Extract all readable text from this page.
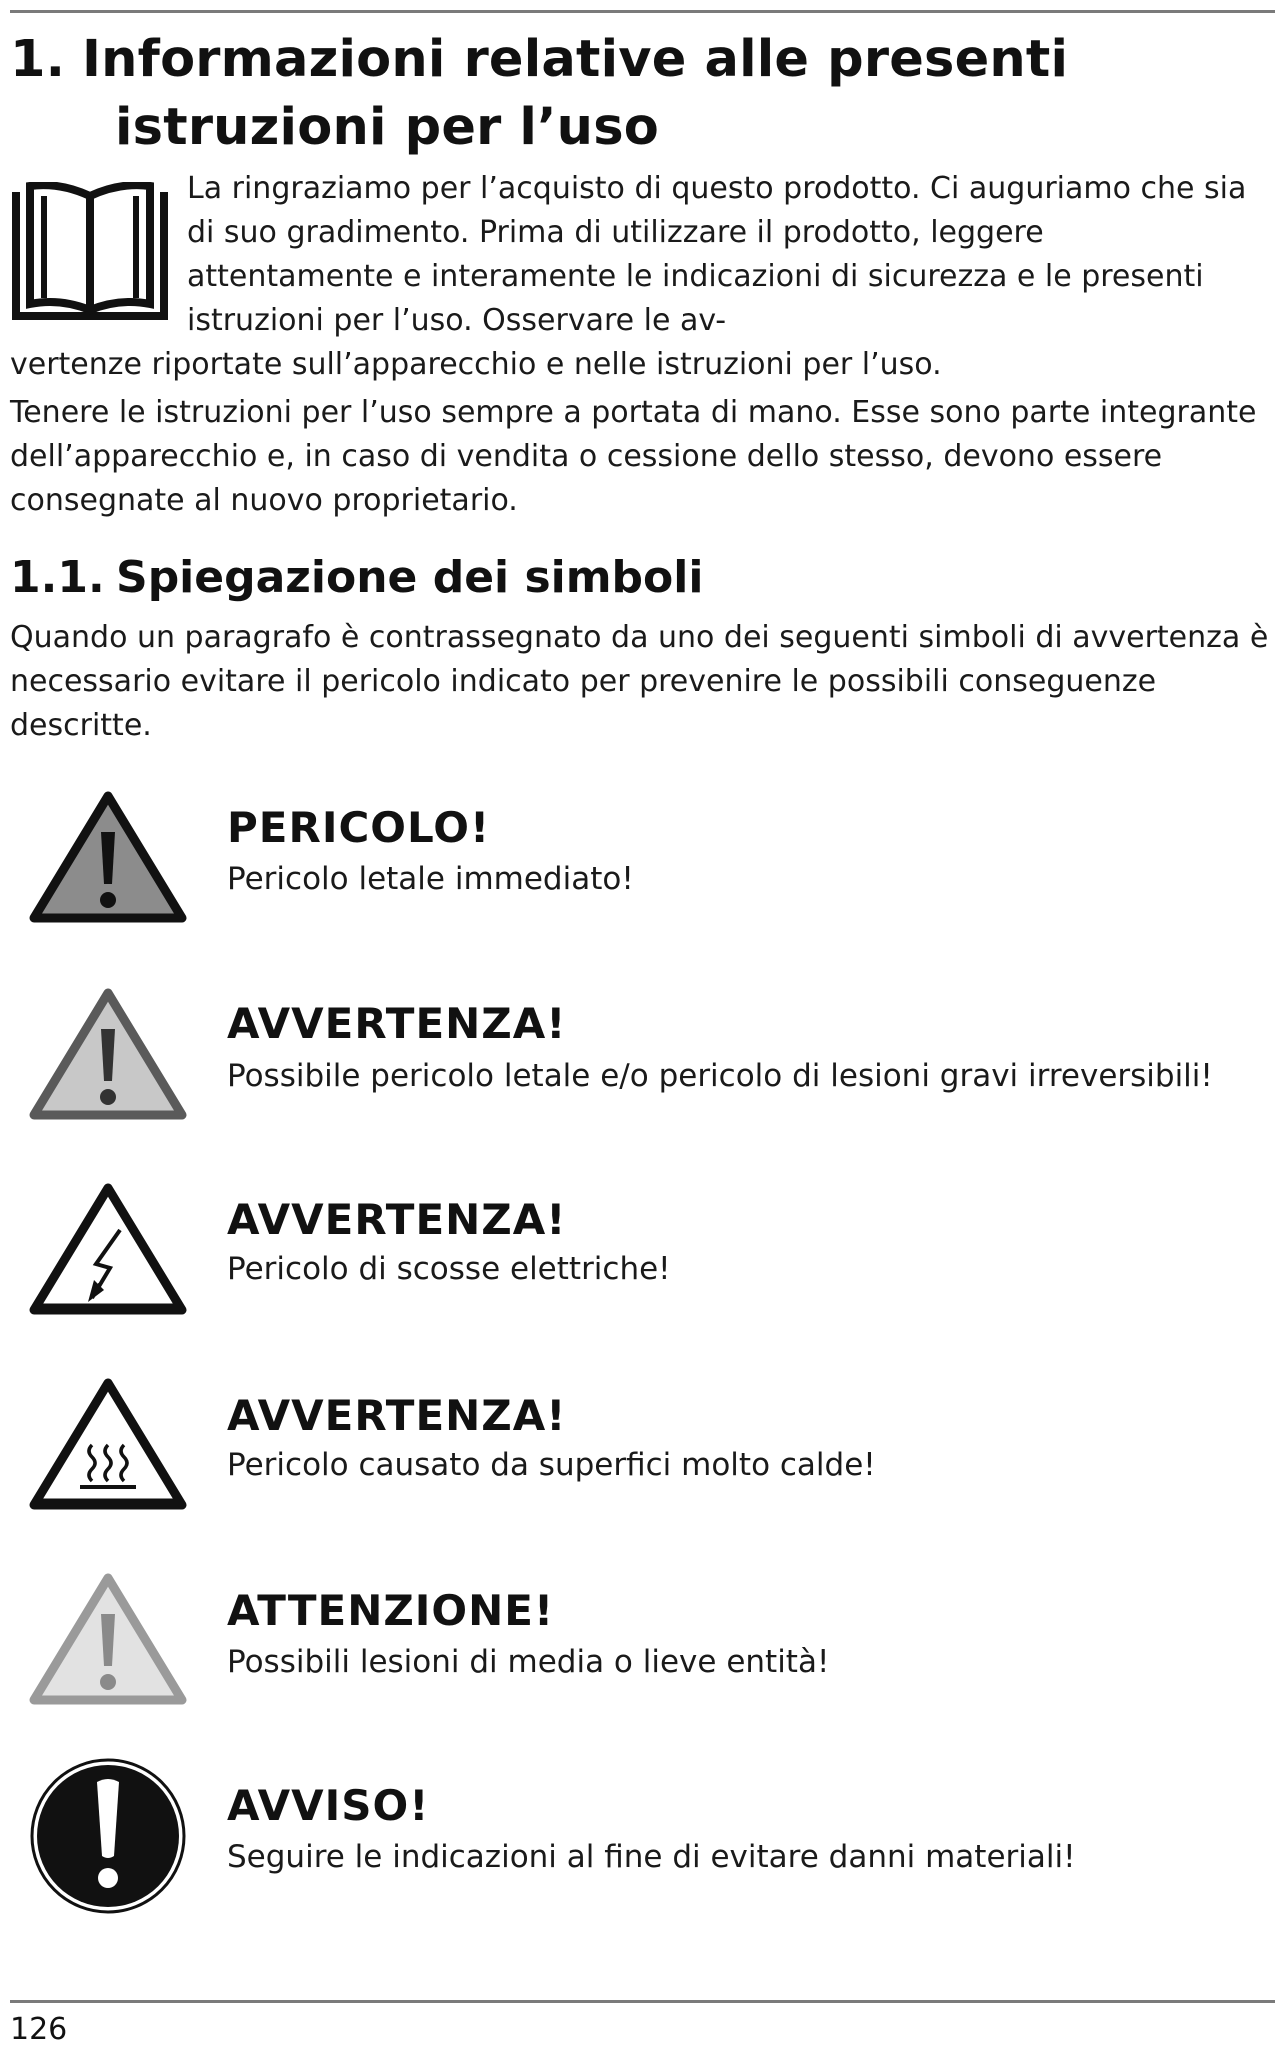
1. Informazioni relative alle presenti
istruzioni per l’uso
La ringraziamo per l’acquisto di questo prodotto. Ci auguriamo che sia di suo gradimento. Prima di utilizzare il prodotto, leggere attentamente e interamente le indicazioni di sicurezza e le presenti istruzioni per l’uso. Osservare le av-
vertenze riportate sull’apparecchio e nelle istruzioni per l’uso.
Tenere le istruzioni per l’uso sempre a portata di mano. Esse sono parte integrante dell’apparecchio e, in caso di vendita o cessione dello stesso, devono essere consegnate al nuovo proprietario.
1.1. Spiegazione dei simboli
Quando un paragrafo è contrassegnato da uno dei seguenti simboli di avvertenza è necessario evitare il pericolo indicato per prevenire le possibili conseguenze descritte.
PERICOLO!
Pericolo letale immediato!
AVVERTENZA!
Possibile pericolo letale e/o pericolo di lesioni gravi irreversibili!
AVVERTENZA!
Pericolo di scosse elettriche!
AVVERTENZA!
Pericolo causato da superfici molto calde!
ATTENZIONE!
Possibili lesioni di media o lieve entità!
AVVISO!
Seguire le indicazioni al fine di evitare danni materiali!
126
